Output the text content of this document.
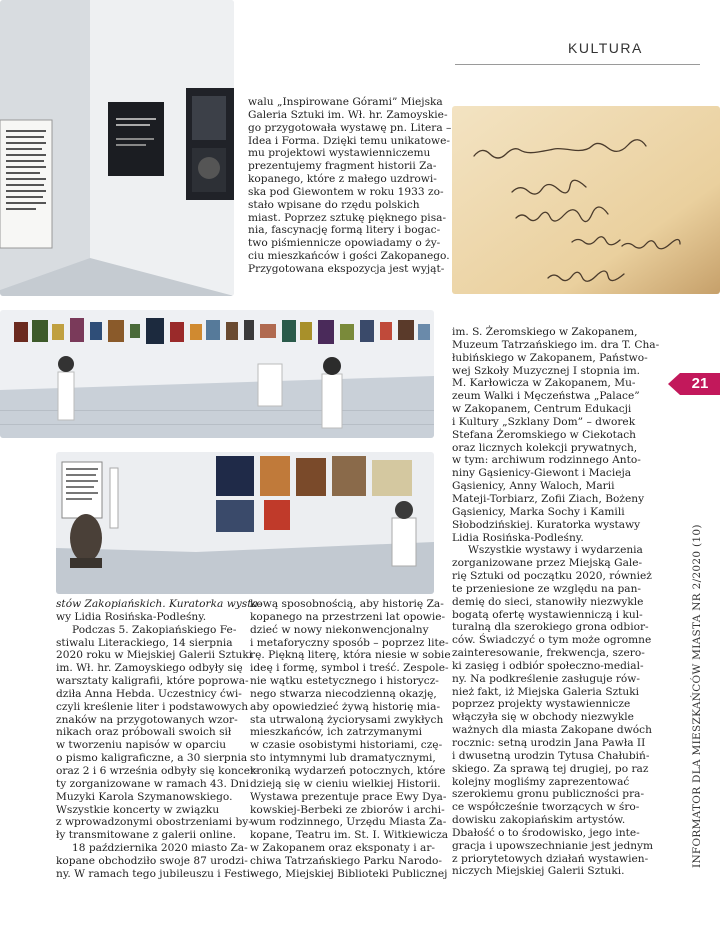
KULTURA
21
INFORMATOR DLA MIESZKAŃCÓW MIASTA NR 2/2020 (10)
walu „Inspirowane Górami” Miejska
Galeria Sztuki im. Wł. hr. Zamoyskie-
go przygotowała wystawę pn. Litera –
Idea i Forma. Dzięki temu unikatowe-
mu projektowi wystawienniczemu
prezentujemy fragment historii Za-
kopanego, które z małego uzdrowi-
ska pod Giewontem w roku 1933 zo-
stało wpisane do rzędu polskich
miast. Poprzez sztukę pięknego pisa-
nia, fascynację formą litery i bogac-
two piśmiennicze opowiadamy o ży-
ciu mieszkańców i gości Zakopanego.
Przygotowana ekspozycja jest wyjąt-
im. S. Żeromskiego w Zakopanem,
Muzeum Tatrzańskiego im. dra T. Cha-
łubińskiego w Zakopanem, Państwo-
wej Szkoły Muzycznej I stopnia im.
M. Karłowicza w Zakopanem, Mu-
zeum Walki i Męczeństwa „Palace”
w Zakopanem, Centrum Edukacji
i Kultury „Szklany Dom” – dworek
Stefana Żeromskiego w Ciekotach
oraz licznych kolekcji prywatnych,
w tym: archiwum rodzinnego Anto-
niny Gąsienicy-Giewont i Macieja
Gąsienicy, Anny Waloch, Marii
Mateji-Torbiarz, Zofii Ziach, Bożeny
Gąsienicy, Marka Sochy i Kamili
Słobodzińskiej. Kuratorka wystawy
Lidia Rosińska-Podleśny.
Wszystkie wystawy i wydarzenia
zorganizowane przez Miejską Gale-
rię Sztuki od początku 2020, również
te przeniesione ze względu na pan-
demię do sieci, stanowiły niezwykle
bogatą ofertę wystawienniczą i kul-
turalną dla szerokiego grona odbior-
ców. Świadczyć o tym może ogromne
zainteresowanie, frekwencja, szero-
ki zasięg i odbiór społeczno-medial-
ny. Na podkreślenie zasługuje rów-
nież fakt, iż Miejska Galeria Sztuki
poprzez projekty wystawiennicze
włączyła się w obchody niezwykle
ważnych dla miasta Zakopane dwóch
rocznic: setną urodzin Jana Pawła II
i dwusetną urodzin Tytusa Chałubiń-
skiego. Za sprawą tej drugiej, po raz
kolejny mogliśmy zaprezentować
szerokiemu gronu publiczności pra-
ce współcześnie tworzących w śro-
dowisku zakopiańskim artystów.
Dbałość o to środowisko, jego inte-
gracja i upowszechnianie jest jednym
z priorytetowych działań wystawien-
niczych Miejskiej Galerii Sztuki.
stów Zakopiańskich. Kuratorka wysta-
wy Lidia Rosińska-Podleśny.
Podczas 5. Zakopiańskiego Fe-
stiwalu Literackiego, 14 sierpnia
2020 roku w Miejskiej Galerii Sztuki
im. Wł. hr. Zamoyskiego odbyły się
warsztaty kaligrafii, które poprowa-
dziła Anna Hebda. Uczestnicy ćwi-
czyli kreślenie liter i podstawowych
znaków na przygotowanych wzor-
nikach oraz próbowali swoich sił
w tworzeniu napisów w oparciu
o pismo kaligraficzne, a 30 sierpnia
oraz 2 i 6 września odbyły się koncer-
ty zorganizowane w ramach 43. Dni
Muzyki Karola Szymanowskiego.
Wszystkie koncerty w związku
z wprowadzonymi obostrzeniami by-
ły transmitowane z galerii online.
18 października 2020 miasto Za-
kopane obchodziło swoje 87 urodzi-
ny. W ramach tego jubileuszu i Festi-
kową sposobnością, aby historię Za-
kopanego na przestrzeni lat opowie-
dzieć w nowy niekonwencjonalny
i metaforyczny sposób – poprzez lite-
rę. Piękną literę, która niesie w sobie
ideę i formę, symbol i treść. Zespole-
nie wątku estetycznego i historycz-
nego stwarza niecodzienną okazję,
aby opowiedzieć żywą historię mia-
sta utrwaloną życiorysami zwykłych
mieszkańców, ich zatrzymanymi
w czasie osobistymi historiami, czę-
sto intymnymi lub dramatycznymi,
kroniką wydarzeń potocznych, które
dzieją się w cieniu wielkiej Historii.
Wystawa prezentuje prace Ewy Dya-
kowskiej-Berbeki ze zbiorów i archi-
wum rodzinnego, Urzędu Miasta Za-
kopane, Teatru im. St. I. Witkiewicza
w Zakopanem oraz eksponaty i ar-
chiwa Tatrzańskiego Parku Narodo-
wego, Miejskiej Biblioteki Publicznej
